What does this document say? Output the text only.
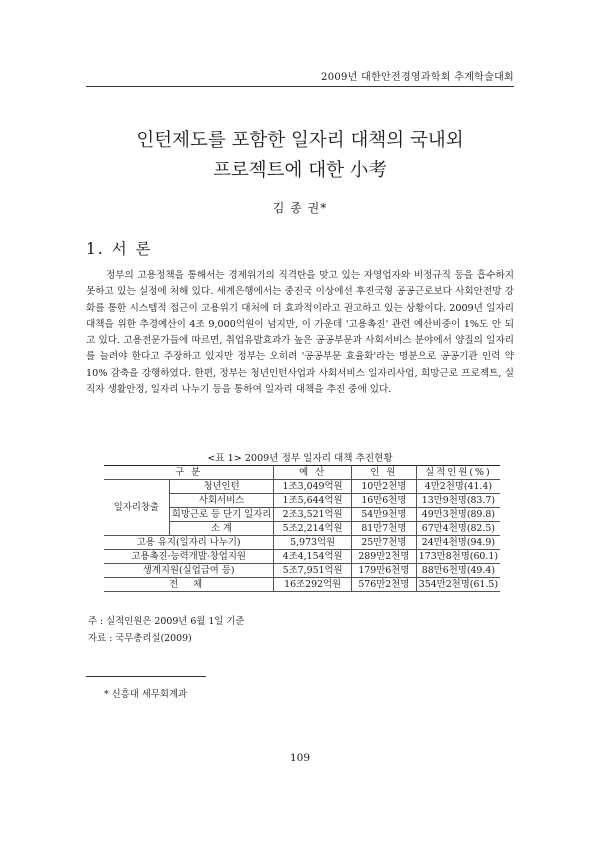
2009년 대한안전경영과학회 추계학술대회
인턴제도를 포함한 일자리 대책의 국내외
프로젝트에 대한 小考
김 종 권*
1. 서 론

정부의 고용정책을 통해서는 경제위기의 직격탄을 맞고 있는 자영업자와 비정규직 등을 흡수하지 못하고 있는 실정에 처해 있다. 세계은행에서는 중진국 이상에선 후진국형 공공근로보다 사회안전망 강화를 통한 시스템적 접근이 고용위기 대처에 더 효과적이라고 권고하고 있는 상황이다. 2009년 일자리 대책을 위한 추경예산이 4조 9,000억원이 넘지만, 이 가운데 '고용촉진' 관련 예산비중이 1%도 안 되고 있다. 고용전문가들에 따르면, 취업유발효과가 높은 공공부문과 사회서비스 분야에서 양질의 일자리를 늘려야 한다고 주장하고 있지만 정부는 오히려 '공공부문 효율화'라는 명분으로 공공기관 인력 약 10% 감축을 강행하였다. 한편, 정부는 청년인턴사업과 사회서비스 일자리사업, 희망근로 프로젝트, 실직자 생활안정, 일자리 나누기 등을 통하여 일자리 대책을 추진 중에 있다.

<표 1> 2009년 정부 일자리 대책 추진현황
구 분		예 산	인 원	실적인원(%)
일자리창출	청년인턴	1조3,049억원	10만2천명	4만2천명(41.4)
	사회서비스	1조5,644억원	16만6천명	13만9천명(83.7)
	희망근로 등 단기 일자리	2조3,521억원	54만9천명	49만3천명(89.8)
	소 계	5조2,214억원	81만7천명	67만4천명(82.5)
고용 유지(일자리 나누기)		5,973억원	25만7천명	24만4천명(94.9)
고용촉진·능력개발·창업지원		4조4,154억원	289만2천명	173만8천명(60.1)
생계지원(실업급여 등)		5조7,951억원	179만6천명	88만6천명(49.4)
전 체		16조292억원	576만2천명	354만2천명(61.5)
주 : 실적인원은 2009년 6월 1일 기준
자료 : 국무총리실(2009)
* 신흥대 세무회계과
109
